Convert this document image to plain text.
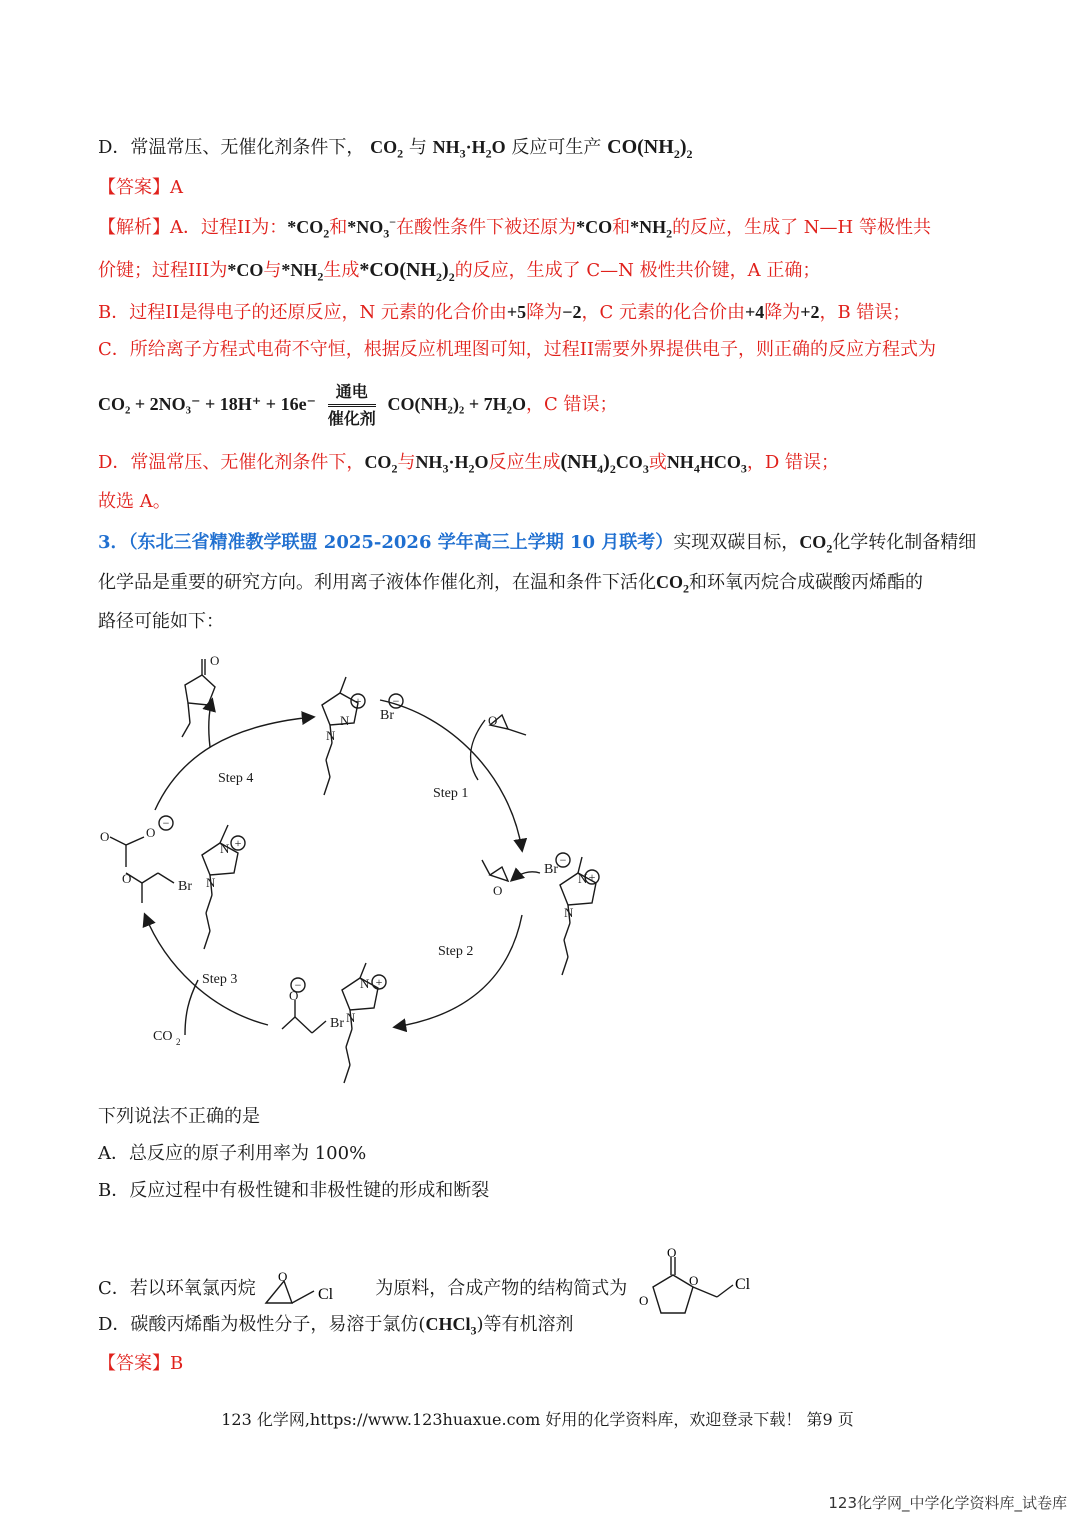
D．常温常压、无催化剂条件下， $CO_2$ 与 $NH_3\cdot H_2O$ 反应可生产 $CO(NH_2)_2$
【答案】A
【解析】A．过程II为：$*CO_2$和$*NO_3^-$在酸性条件下被还原为*CO和$*NH_2$的反应，生成了 N—H 等极性共
价键；过程III为*CO与$*NH_2$生成$*CO(NH_2)_2$的反应，生成了 C—N 极性共价键，A 正确；
B．过程II是得电子的还原反应，N 元素的化合价由+5降为−2，C 元素的化合价由+4降为+2，B 错误；
C．所给离子方程式电荷不守恒，根据反应机理图可知，过程II需要外界提供电子，则正确的反应方程式为
$CO_2 + 2NO_3^- + 18H^+ + 16e^- \frac{\text{通电}}{\text{催化剂}} CO(NH_2)_2 + 7H_2O$，C 错误；
D．常温常压、无催化剂条件下，$CO_2$与$NH_3\cdot H_2O$反应生成$(NH_4)_2CO_3$或$NH_4HCO_3$，D 错误；
故选 A。
3．（东北三省精准教学联盟 2025-2026 学年高三上学期 10 月联考）实现双碳目标，$CO_2$化学转化制备精细
化学品是重要的研究方向。利用离子液体作催化剂，在温和条件下活化$CO_2$和环氧丙烷合成碳酸丙烯酯的
路径可能如下：
+	−
−
+
−
+
−	+
Step 1
Step 2
Step 3
Step 4
Br
Br
Br
Br
CO 2
N
N
N
N
N
N
N
N
O
O	O
O
O
O
O
下列说法不正确的是
A．总反应的原子利用率为 100%
B．反应过程中有极性键和非极性键的形成和断裂
C．若以环氧氯丙烷
O
Cl 为原料，合成产物的结构简式为
O
O
O Cl
D．碳酸丙烯酯为极性分子，易溶于氯仿(CHCl$_3$)等有机溶剂
【答案】B
123 化学网,https://www.123huaxue.com 好用的化学资料库，欢迎登录下载！ 第9 页
123化学网_中学化学资料库_试卷库
